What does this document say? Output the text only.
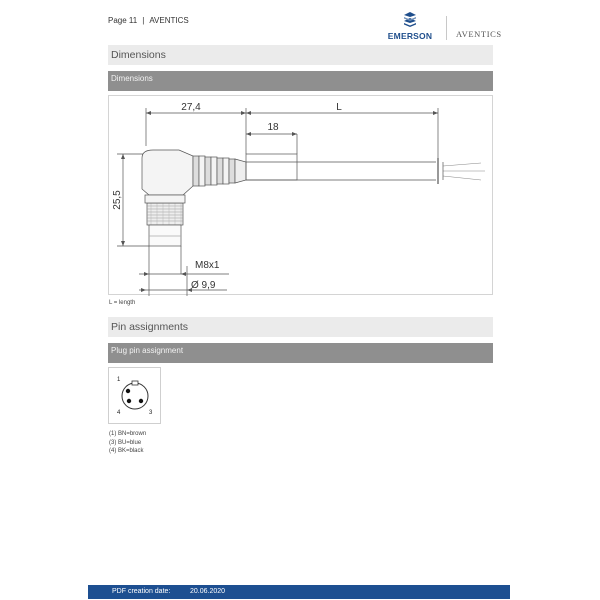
Page 11 | AVENTICS
EMERSON	AVENTICS
Dimensions
Dimensions
27,4	L
18
25,5
M8x1
Ø 9,9
L = length
Pin assignments
Plug pin assignment
1
4	3
(1) BN=brown
(3) BU=blue
(4) BK=black
PDF creation date:	20.06.2020
